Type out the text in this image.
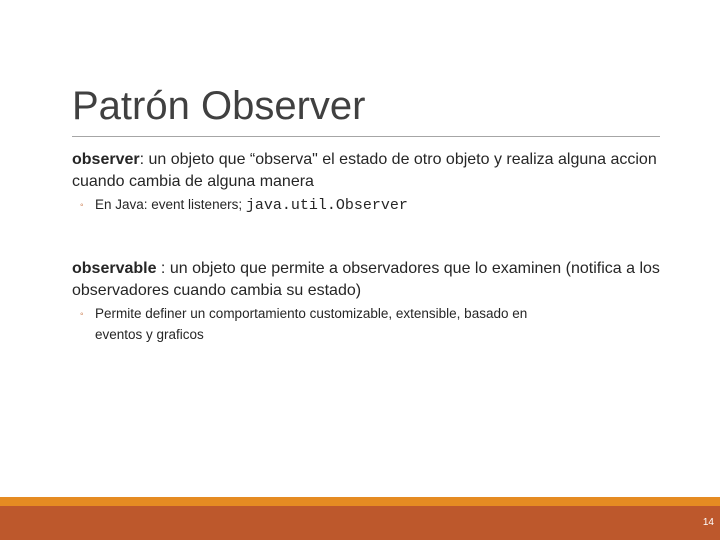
Patrón Observer
observer: un objeto que “observa" el estado de otro objeto y realiza alguna accion cuando cambia de alguna manera
◦ En Java: event listeners; java.util.Observer
observable : un objeto que permite a observadores que lo examinen (notifica a los observadores cuando cambia su estado)
◦ Permite definer un comportamiento customizable, extensible, basado en
eventos y graficos
14
